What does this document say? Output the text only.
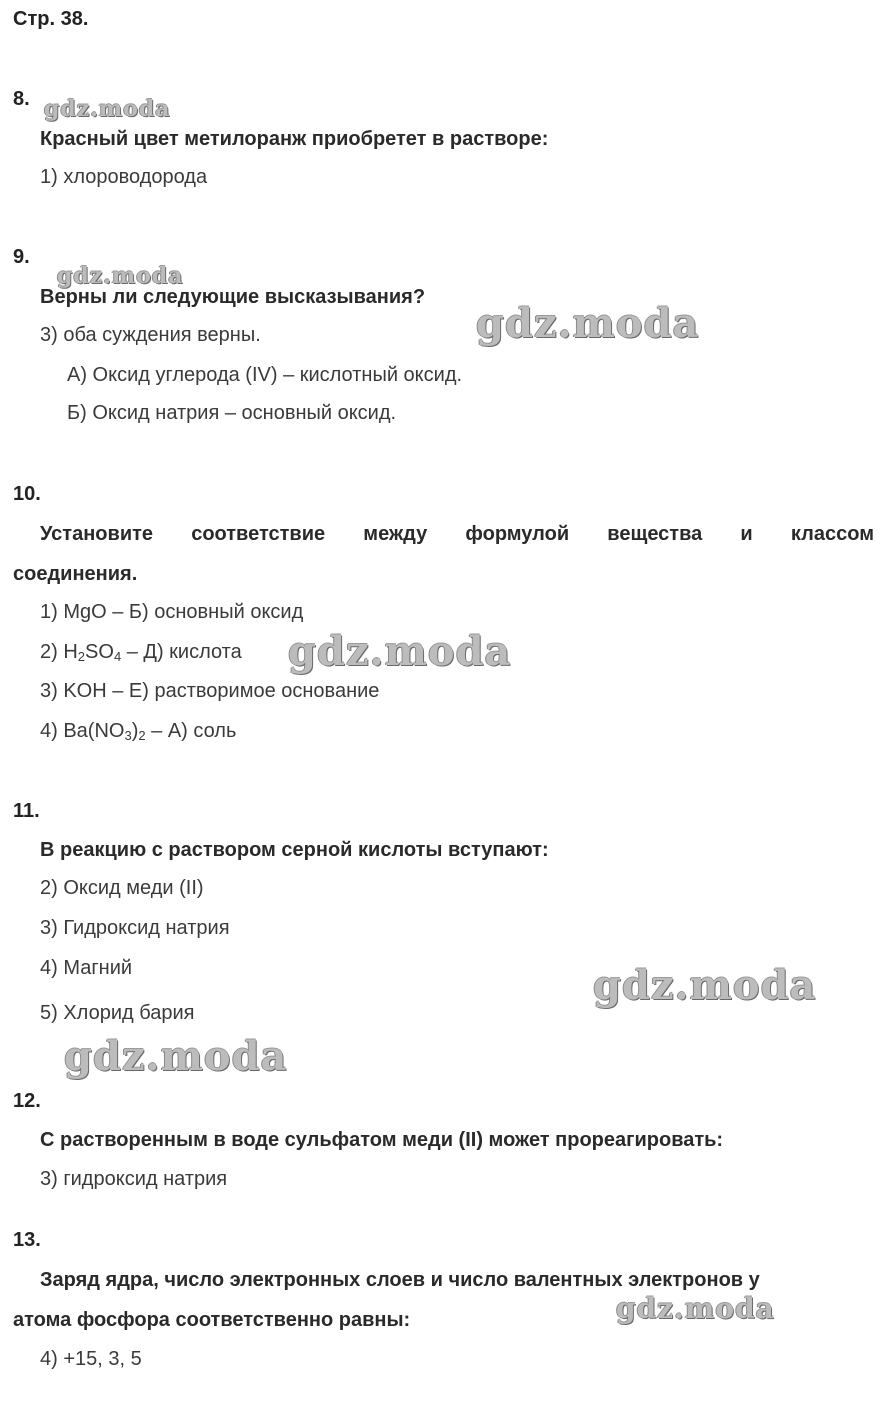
Стр. 38.
8. gdz.moda
Красный цвет метилоранж приобретет в растворе:
1) хлороводорода
9.
gdz.moda
Верны ли следующие высказывания?
3) оба суждения верны.	gdz.moda
А) Оксид углерода (IV) – кислотный оксид.
Б) Оксид натрия – основный оксид.
10.
Установите соответствие между формулой вещества и классом
соединения.
1) MgO – Б) основный оксид
2) $H_2SO_4 - Д$) кислота gdz.moda
3) KOH – Е) растворимое основание
4) $Ba(NO_3)_2 - А$) соль
11.
В реакцию с раствором серной кислоты вступают:
2) Оксид меди (II)
3) Гидроксид натрия
4) Магний	gdz.moda
5) Хлорид бария
gdz.moda
12.
С растворенным в воде сульфатом меди (II) может прореагировать:
3) гидроксид натрия
13.
Заряд ядра, число электронных слоев и число валентных электронов у
gdz.moda
атома фосфора соответственно равны:
4) +15, 3, 5
